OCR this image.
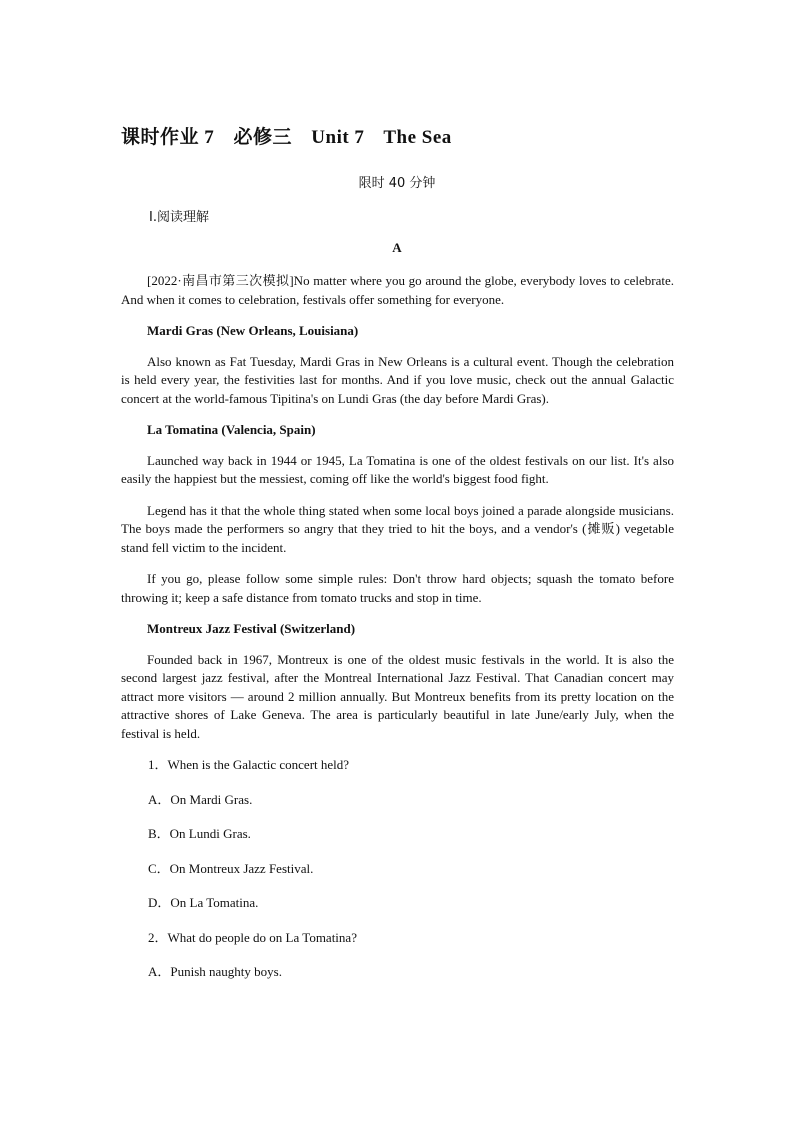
课时作业 7 必修三 Unit 7 The Sea
限时 40 分钟
Ⅰ.阅读理解
A

[2022·南昌市第三次模拟]No matter where you go around the globe, everybody loves to celebrate. And when it comes to celebration, festivals offer something for everyone.

Mardi Gras (New Orleans, Louisiana)

Also known as Fat Tuesday, Mardi Gras in New Orleans is a cultural event. Though the celebration is held every year, the festivities last for months. And if you love music, check out the annual Galactic concert at the world-famous Tipitina's on Lundi Gras (the day before Mardi Gras).

La Tomatina (Valencia, Spain)

Launched way back in 1944 or 1945, La Tomatina is one of the oldest festivals on our list. It's also easily the happiest but the messiest, coming off like the world's biggest food fight.

Legend has it that the whole thing stated when some local boys joined a parade alongside musicians. The boys made the performers so angry that they tried to hit the boys, and a vendor's (摊贩) vegetable stand fell victim to the incident.

If you go, please follow some simple rules: Don't throw hard objects; squash the tomato before throwing it; keep a safe distance from tomato trucks and stop in time.

Montreux Jazz Festival (Switzerland)

Founded back in 1967, Montreux is one of the oldest music festivals in the world. It is also the second largest jazz festival, after the Montreal International Jazz Festival. That Canadian concert may attract more visitors — around 2 million annually. But Montreux benefits from its pretty location on the attractive shores of Lake Geneva. The area is particularly beautiful in late June/early July, when the festival is held.

1．When is the Galactic concert held?

A．On Mardi Gras.

B．On Lundi Gras.

C．On Montreux Jazz Festival.

D．On La Tomatina.

2．What do people do on La Tomatina?

A．Punish naughty boys.
